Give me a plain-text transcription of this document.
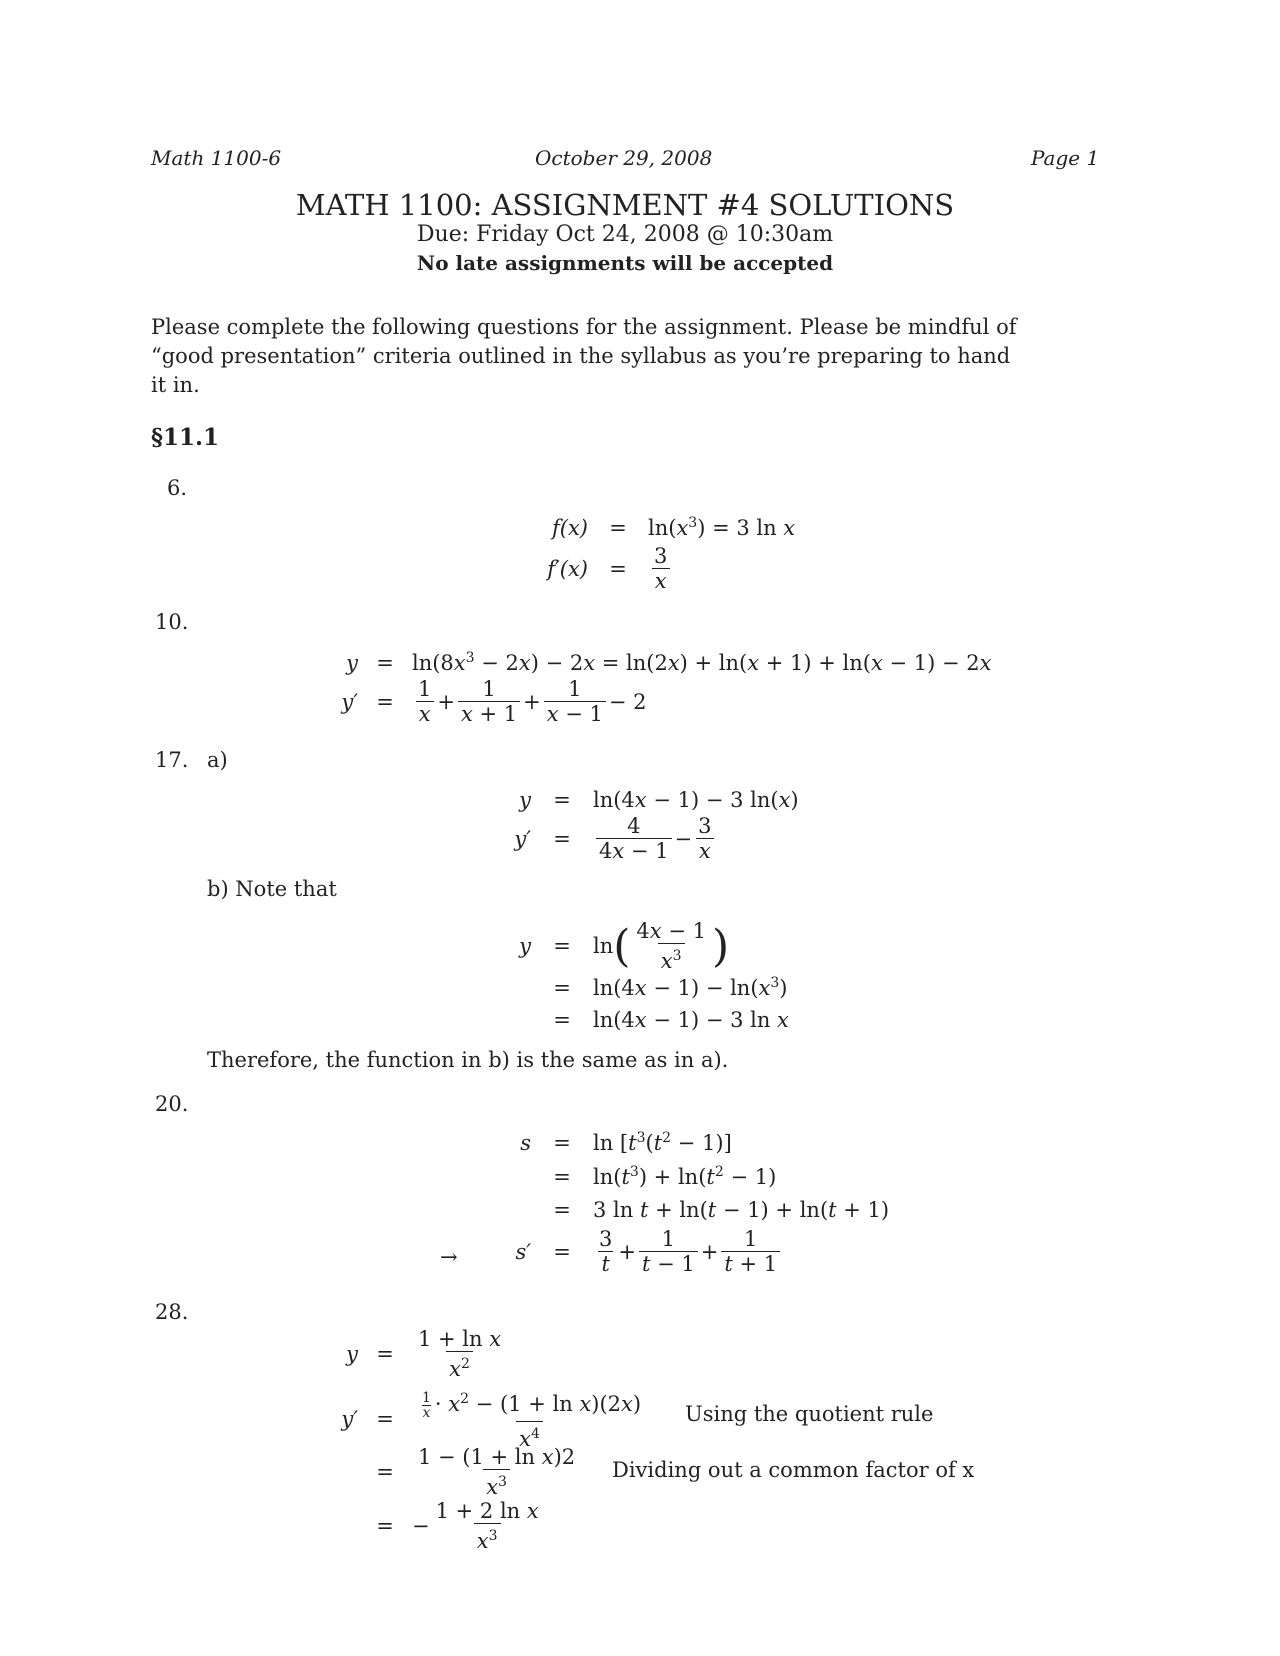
Math 1100-6	October 29, 2008	Page 1
MATH 1100: ASSIGNMENT #4 SOLUTIONS
Due: Friday Oct 24, 2008 @ 10:30am
No late assignments will be accepted
Please complete the following questions for the assignment. Please be mindful of “good presentation” criteria outlined in the syllabus as you’re preparing to hand it in.
§11.1
6.
f(x)	=	$\ln(x^3) = 3$ ln x
f′(x)	=	$\frac{3}{x}$
10.
$y = \ln(8x^3 - 2x) - 2x = \ln(2x) + \ln(x + 1) + \ln(x - 1) - 2x$
y′ =	$\frac{1}{x} + \frac{1}{x + 1} + \frac{1}{x - 1} - 2$
17. a)
y	=	ln(4x − 1) − 3 ln(x)
y′	=	$\frac{4}{4x - 1} - \frac{3}{x}$
b) Note that
y	=	ln ( $\frac{4x - 1}{x^3}$ )
=	$\ln(4x - 1) - \ln(x^3)$
=	ln(4x − 1) − 3 ln x
Therefore, the function in b) is the same as in a).
20.
s	=	$\ln [t^3(t^2 - 1)]$
=	$\ln(t^3) + \ln(t^2 - 1)$
=	3 ln t + ln(t − 1) + ln(t + 1)
→	s′	=	$\frac{3}{t} + \frac{1}{t - 1} + \frac{1}{t + 1}$
28.
y =	$\frac{\text{1 + ln x}}{x^2}$
y′ =	$\frac{\frac{1}{x} \cdot x^2 - (1 + \ln x)(2x)}{x^4}$ Using the quotient rule
=	$\frac{\text{1 − (1 + ln x)2}}{x^3}$ Dividing out a common factor of x
= − $\frac{\text{1 + 2 ln x}}{x^3}$
